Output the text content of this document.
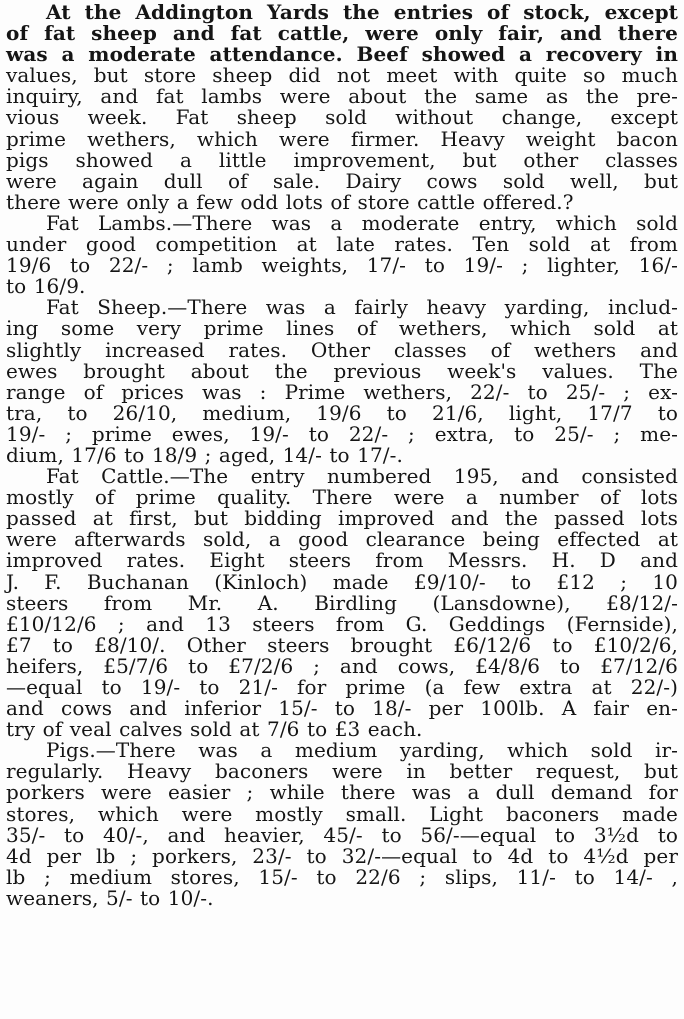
At the Addington Yards the entries of stock, except
of fat sheep and fat cattle, were only fair, and there
was a moderate attendance. Beef showed a recovery in
values, but store sheep did not meet with quite so much
inquiry, and fat lambs were about the same as the pre-
vious week. Fat sheep sold without change, except
prime wethers, which were firmer. Heavy weight bacon
pigs showed a little improvement, but other classes
were again dull of sale. Dairy cows sold well, but
there were only a few odd lots of store cattle offered.?
Fat Lambs.—There was a moderate entry, which sold
under good competition at late rates. Ten sold at from
19/6 to 22/- ; lamb weights, 17/- to 19/- ; lighter, 16/-
to 16/9.
Fat Sheep.—There was a fairly heavy yarding, includ-
ing some very prime lines of wethers, which sold at
slightly increased rates. Other classes of wethers and
ewes brought about the previous week's values. The
range of prices was : Prime wethers, 22/- to 25/- ; ex-
tra, to 26/10, medium, 19/6 to 21/6, light, 17/7 to
19/- ; prime ewes, 19/- to 22/- ; extra, to 25/- ; me-
dium, 17/6 to 18/9 ; aged, 14/- to 17/-.
Fat Cattle.—The entry numbered 195, and consisted
mostly of prime quality. There were a number of lots
passed at first, but bidding improved and the passed lots
were afterwards sold, a good clearance being effected at
improved rates. Eight steers from Messrs. H. D and
J. F. Buchanan (Kinloch) made £9/10/- to £12 ; 10
steers from Mr. A. Birdling (Lansdowne), £8/12/-
£10/12/6 ; and 13 steers from G. Geddings (Fernside),
£7 to £8/10/. Other steers brought £6/12/6 to £10/2/6,
heifers, £5/7/6 to £7/2/6 ; and cows, £4/8/6 to £7/12/6
—equal to 19/- to 21/- for prime (a few extra at 22/-)
and cows and inferior 15/- to 18/- per 100lb. A fair en-
try of veal calves sold at 7/6 to £3 each.
Pigs.—There was a medium yarding, which sold ir-
regularly. Heavy baconers were in better request, but
porkers were easier ; while there was a dull demand for
stores, which were mostly small. Light baconers made
35/- to 40/-, and heavier, 45/- to 56/-—equal to 3½d to
4d per lb ; porkers, 23/- to 32/-—equal to 4d to 4½d per
lb ; medium stores, 15/- to 22/6 ; slips, 11/- to 14/- ,
weaners, 5/- to 10/-.
